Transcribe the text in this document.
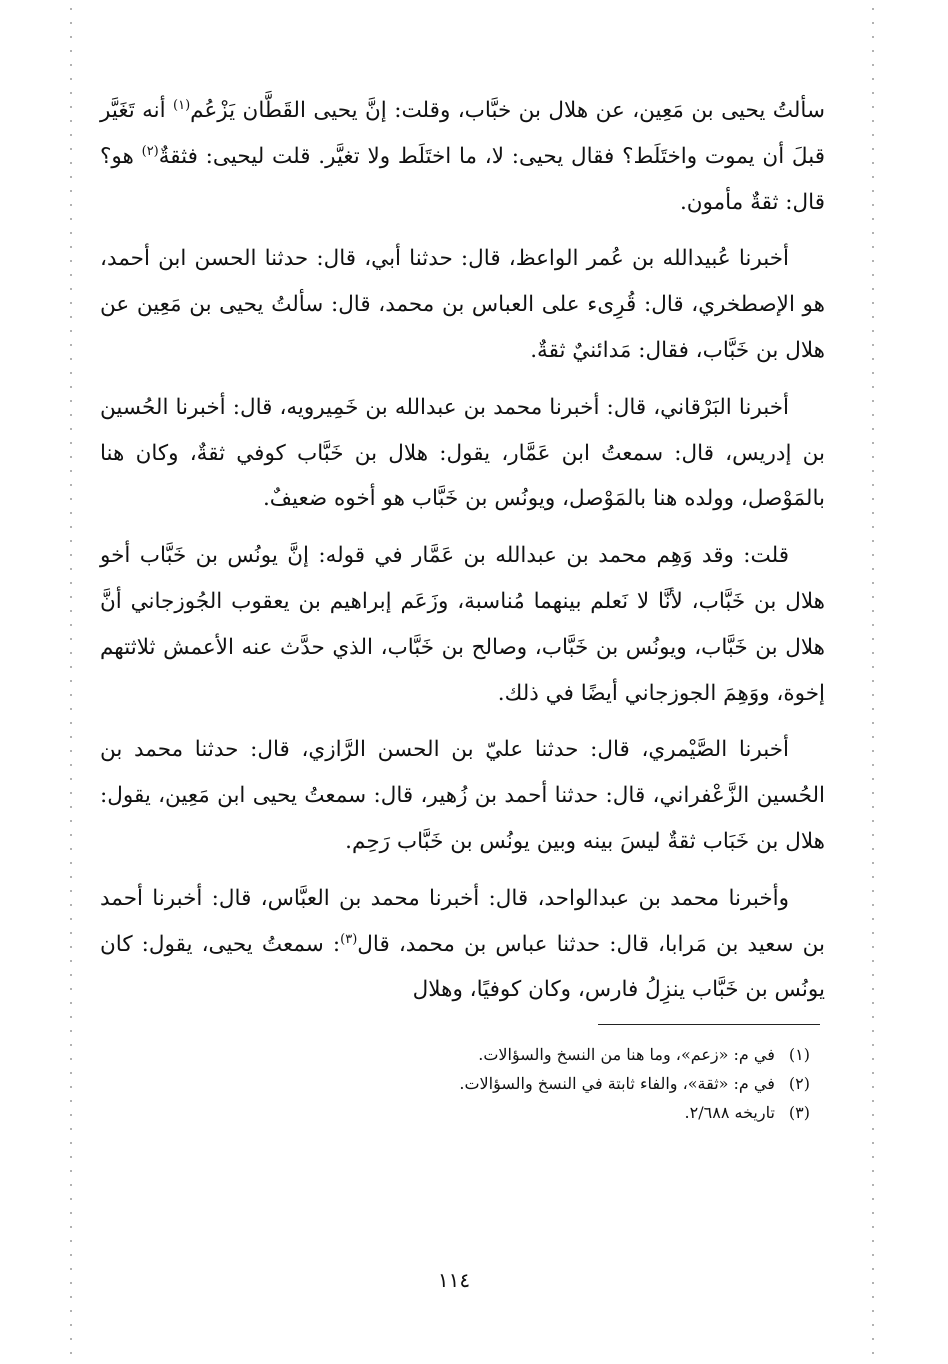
سألتُ يحيى بن مَعِين، عن هلال بن خبَّاب، وقلت: إنَّ يحيى القَطَّان يَزْعُم$^{(١)}$ أنه تَغَيَّر قبلَ أن يموت واختَلَط؟ فقال يحيى: لا، ما اختَلَط ولا تغيَّر. قلت ليحيى: فثقةٌ$^{(٢)}$ هو؟ قال: ثقةٌ مأمون.

أخبرنا عُبيدالله بن عُمر الواعظ، قال: حدثنا أبي، قال: حدثنا الحسن ابن أحمد، هو الإصطخري، قال: قُرِىء على العباس بن محمد، قال: سألتُ يحيى بن مَعِين عن هلال بن خَبَّاب، فقال: مَدائنيٌ ثقةٌ.

أخبرنا البَرْقاني، قال: أخبرنا محمد بن عبدالله بن خَمِيرويه، قال: أخبرنا الحُسين بن إدريس، قال: سمعتُ ابن عَمَّار، يقول: هلال بن خَبَّاب كوفي ثقةٌ، وكان هنا بالمَوْصل، وولده هنا بالمَوْصل، ويونُس بن خَبَّاب هو أخوه ضعيفٌ.

قلت: وقد وَهِم محمد بن عبدالله بن عَمَّار في قوله: إنَّ يونُس بن خَبَّاب أخو هلال بن خَبَّاب، لأنَّا لا نَعلم بينهما مُناسبة، وزَعَم إبراهيم بن يعقوب الجُوزجاني أنَّ هلال بن خَبَّاب، ويونُس بن خَبَّاب، وصالح بن خَبَّاب، الذي حدَّث عنه الأعمش ثلاثتهم إخوة، ووَهِمَ الجوزجاني أيضًا في ذلك.

أخبرنا الصَّيْمري، قال: حدثنا عليّ بن الحسن الرَّازي، قال: حدثنا محمد بن الحُسين الزَّعْفراني، قال: حدثنا أحمد بن زُهير، قال: سمعتُ يحيى ابن مَعِين، يقول: هلال بن خَبَاب ثقةٌ ليسَ بينه وبين يونُس بن خَبَّاب رَحِم.

وأخبرنا محمد بن عبدالواحد، قال: أخبرنا محمد بن العبَّاس، قال: أخبرنا أحمد بن سعيد بن مَرابا، قال: حدثنا عباس بن محمد، قال$^{(٣)}$: سمعتُ يحيى، يقول: كان يونُس بن خَبَّاب ينزِلُ فارس، وكان كوفيًا، وهلال

(١)في م: «زعم»، وما هنا من النسخ والسؤالات.
(٢)في م: «ثقة»، والفاء ثابتة في النسخ والسؤالات.
(٣)تاريخه ٢/٦٨٨.
١١٤
